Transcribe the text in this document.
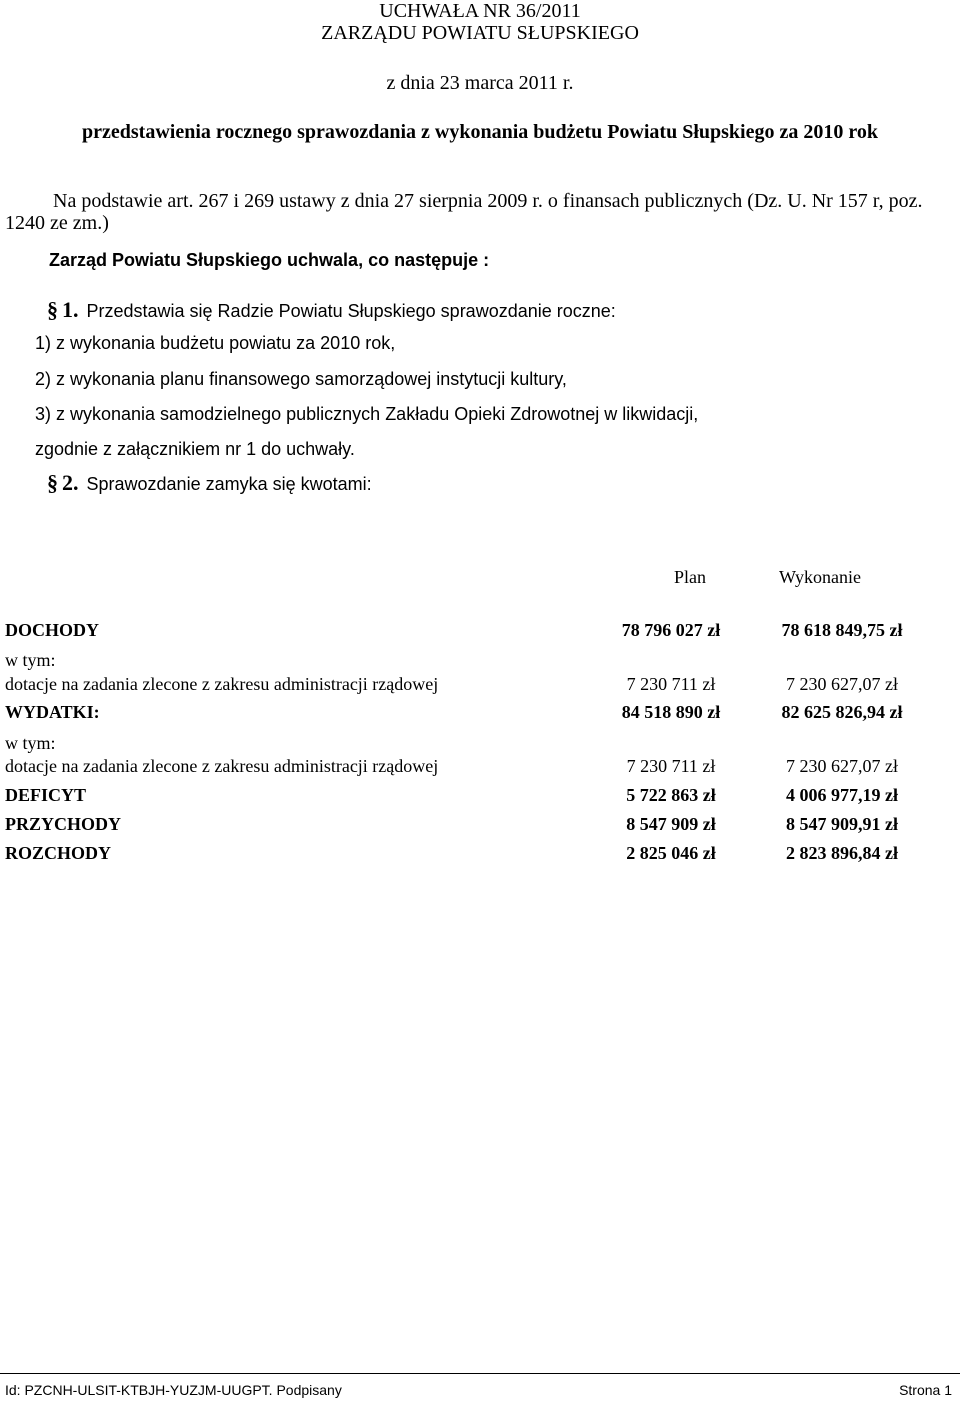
UCHWAŁA NR 36/2011
ZARZĄDU POWIATU SŁUPSKIEGO
z dnia 23 marca 2011 r.
przedstawienia rocznego sprawozdania z wykonania budżetu Powiatu Słupskiego za 2010 rok
Na podstawie art. 267 i 269 ustawy z dnia 27 sierpnia 2009 r. o finansach publicznych (Dz. U. Nr 157 r, poz.
1240 ze zm.)
Zarząd Powiatu Słupskiego uchwala, co następuje :
§ 1. Przedstawia się Radzie Powiatu Słupskiego sprawozdanie roczne:
1) z wykonania budżetu powiatu za 2010 rok,
2) z wykonania planu finansowego samorządowej instytucji kultury,
3) z wykonania samodzielnego publicznych Zakładu Opieki Zdrowotnej w likwidacji,
zgodnie z załącznikiem nr 1 do uchwały.
§ 2. Sprawozdanie zamyka się kwotami:
Plan	Wykonanie
DOCHODY	78 796 027 zł	78 618 849,75 zł
w tym:
dotacje na zadania zlecone z zakresu administracji rządowej	7 230 711 zł	7 230 627,07 zł
WYDATKI:	84 518 890 zł	82 625 826,94 zł
w tym:
dotacje na zadania zlecone z zakresu administracji rządowej	7 230 711 zł	7 230 627,07 zł
DEFICYT	5 722 863 zł	4 006 977,19 zł
PRZYCHODY	8 547 909 zł	8 547 909,91 zł
ROZCHODY	2 825 046 zł	2 823 896,84 zł
Id: PZCNH-ULSIT-KTBJH-YUZJM-UUGPT. Podpisany	Strona 1
